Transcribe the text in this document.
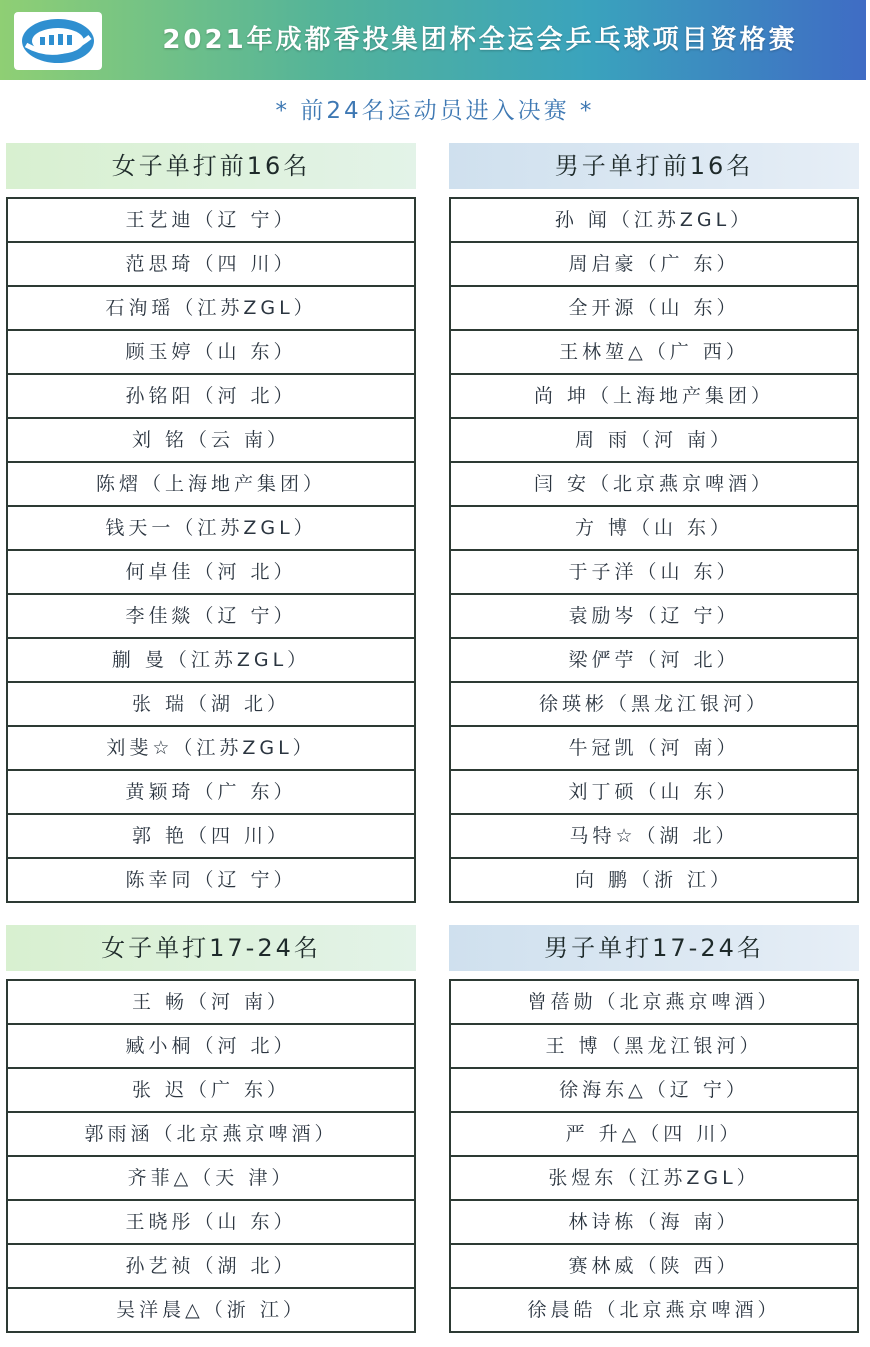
2021年成都香投集团杯全运会乒乓球项目资格赛
* 前24名运动员进入决赛 *
女子单打前16名
王艺迪（辽 宁）
范思琦（四 川）
石洵瑶（江苏ZGL）
顾玉婷（山 东）
孙铭阳（河 北）
刘 铭（云 南）
陈熠（上海地产集团）
钱天一（江苏ZGL）
何卓佳（河 北）
李佳燚（辽 宁）
蒯 曼（江苏ZGL）
张 瑞（湖 北）
刘斐☆（江苏ZGL）
黄颖琦（广 东）
郭 艳（四 川）
陈幸同（辽 宁）
男子单打前16名
孙 闻（江苏ZGL）
周启豪（广 东）
全开源（山 东）
王林堃△（广 西）
尚 坤（上海地产集团）
周 雨（河 南）
闫 安（北京燕京啤酒）
方 博（山 东）
于子洋（山 东）
袁励岑（辽 宁）
梁俨苧（河 北）
徐瑛彬（黑龙江银河）
牛冠凯（河 南）
刘丁硕（山 东）
马特☆（湖 北）
向 鹏（浙 江）
女子单打17-24名
王 畅（河 南）
臧小桐（河 北）
张 迟（广 东）
郭雨涵（北京燕京啤酒）
齐菲△（天 津）
王晓彤（山 东）
孙艺祯（湖 北）
吴洋晨△（浙 江）
男子单打17-24名
曾蓓勋（北京燕京啤酒）
王 博（黑龙江银河）
徐海东△（辽 宁）
严 升△（四 川）
张煜东（江苏ZGL）
林诗栋（海 南）
赛林威（陕 西）
徐晨皓（北京燕京啤酒）
